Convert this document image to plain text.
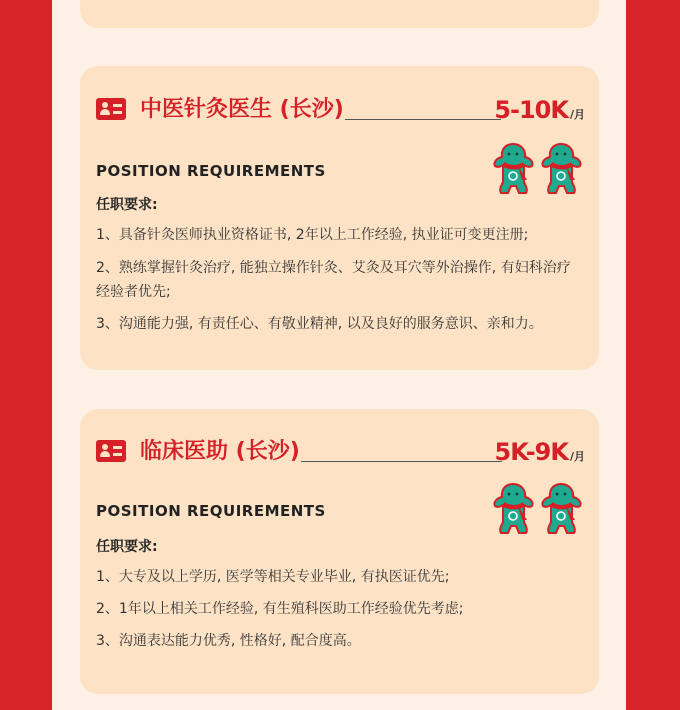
中医针灸医生 (长沙)	5-10K /月
POSITION REQUIREMENTS
任职要求:
1、具备针灸医师执业资格证书, 2年以上工作经验, 执业证可变更注册;
2、熟练掌握针灸治疗, 能独立操作针灸、艾灸及耳穴等外治操作, 有妇科治疗经验者优先;
3、沟通能力强, 有责任心、有敬业精神, 以及良好的服务意识、亲和力。
临床医助 (长沙)	5K-9K /月
POSITION REQUIREMENTS
任职要求:
1、大专及以上学历, 医学等相关专业毕业, 有执医证优先;
2、1年以上相关工作经验, 有生殖科医助工作经验优先考虑;
3、沟通表达能力优秀, 性格好, 配合度高。
